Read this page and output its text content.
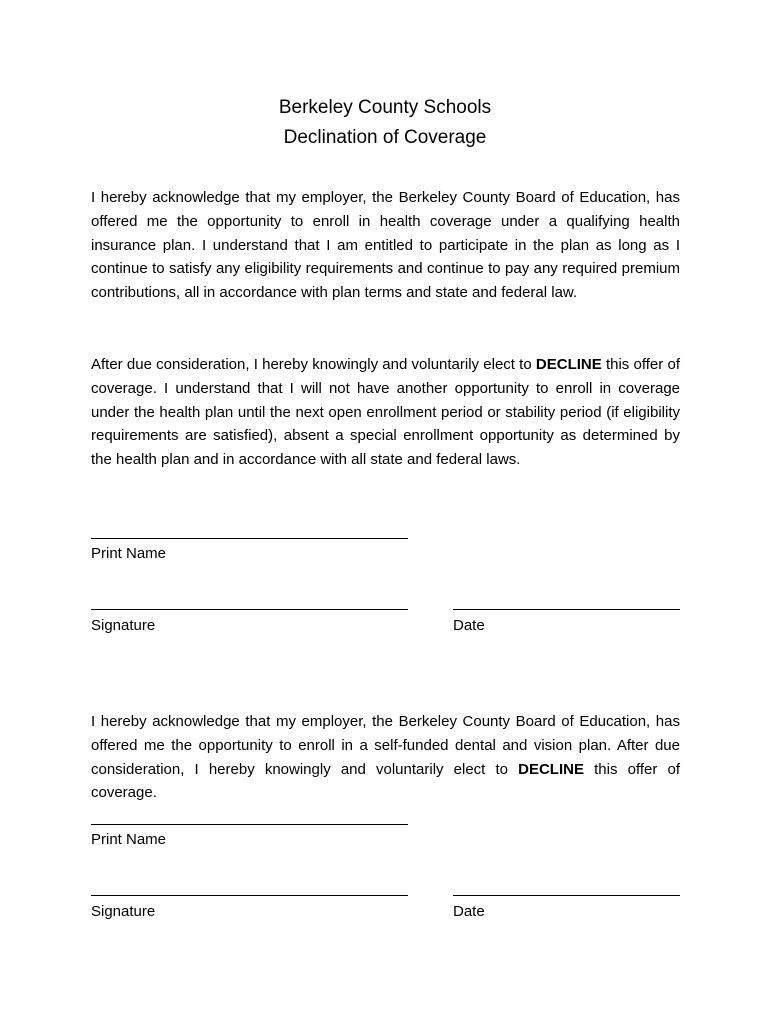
Berkeley County Schools
Declination of Coverage

I hereby acknowledge that my employer, the Berkeley County Board of Education, has offered me the opportunity to enroll in health coverage under a qualifying health insurance plan. I understand that I am entitled to participate in the plan as long as I continue to satisfy any eligibility requirements and continue to pay any required premium contributions, all in accordance with plan terms and state and federal law.

After due consideration, I hereby knowingly and voluntarily elect to DECLINE this offer of coverage. I understand that I will not have another opportunity to enroll in coverage under the health plan until the next open enrollment period or stability period (if eligibility requirements are satisfied), absent a special enrollment opportunity as determined by the health plan and in accordance with all state and federal laws.

Print Name
Signature	Date

I hereby acknowledge that my employer, the Berkeley County Board of Education, has offered me the opportunity to enroll in a self-funded dental and vision plan. After due consideration, I hereby knowingly and voluntarily elect to DECLINE this offer of coverage.

Print Name
Signature	Date
